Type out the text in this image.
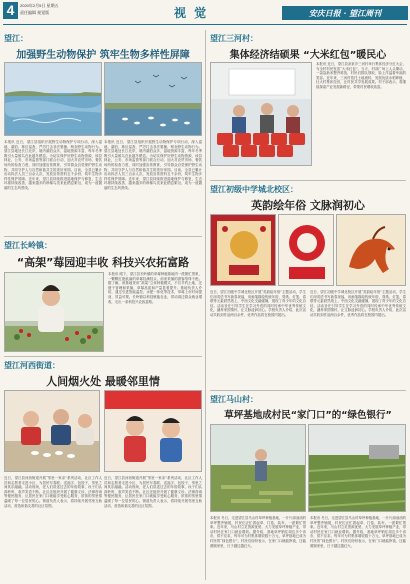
4	2020年2月5日 星期五
责任编辑 视觉版	视 觉	安庆日报 · 望江周刊
望江：
加强野生动物保护 筑牢生物多样性屏障
本报讯 近日，望江县组织开展野生动物保护专项行动，深入湿地、湖泊、林区巡查，严厉打击非法猎捕、贩卖野生动物行为。望江县地处长江北岸，境内湖泊众多，湿地资源丰富，每年冬季吸引大量候鸟在此越冬栖息。为切实保护好野生动物资源，该县林业、公安、市场监管等部门联合行动，加大对农贸市场、餐饮场所的检查力度，同时加强宣传教育，引导群众自觉保护野生动物，共同守护人与自然和谐共生的美好家园。目前，全县已累计出动执法人员三百余人次，发放宣传资料五千余份，筑牢生物多样性保护屏障。近年来，望江县持续推进湿地保护与修复，生态环境持续改善，越来越多的珍稀鸟类来此栖息繁衍，成为一道靓丽的生态风景线。
本报讯 近日，望江县组织开展野生动物保护专项行动，深入湿地、湖泊、林区巡查，严厉打击非法猎捕、贩卖野生动物行为。望江县地处长江北岸，境内湖泊众多，湿地资源丰富，每年冬季吸引大量候鸟在此越冬栖息。为切实保护好野生动物资源，该县林业、公安、市场监管等部门联合行动，加大对农贸市场、餐饮场所的检查力度，同时加强宣传教育，引导群众自觉保护野生动物，共同守护人与自然和谐共生的美好家园。目前，全县已累计出动执法人员三百余人次，发放宣传资料五千余份，筑牢生物多样性保护屏障。近年来，望江县持续推进湿地保护与修复，生态环境持续改善，越来越多的珍稀鸟类来此栖息繁衍，成为一道靓丽的生态风景线。
望江长岭镇：
“高架”莓园迎丰收 科技兴农拓富路
本报讯 眼下，望江县长岭镇的草莓种植基地内一派繁忙景象，一颗颗红艳欲滴的草莓挂满枝头，前来采摘的游客络绎不绝。据了解，该基地采用“高架”立体种植模式，不仅节约土地，还便于管理和采摘，草莓品质和产量显著提升。基地负责人介绍，通过引进智能温控、水肥一体化等技术，草莓上市时间提前，效益可观。长岭镇以科技赋能农业，带动周边群众就业增收，走出一条科技兴农致富路。
望江河西街道：
人间烟火处 最暖邻里情
近日，望江县河西街道开展“邻里一家亲”系列活动，社区工作人员和志愿者走进小区，为居民写春联、送福字、包饺子，邻里之间其乐融融。活动现场，老人们讲述过去的年俗故事，孩子们认真聆听，欢声笑语不断。社区还组织开展了健康义诊、法律咨询等便民服务，让居民在家门口就能享受贴心服务，浓浓的邻里情温暖了每一位居民的心。街道负责人表示，将持续开展邻里互助活动，营造和谐友善的社区氛围。
近日，望江县河西街道开展“邻里一家亲”系列活动，社区工作人员和志愿者走进小区，为居民写春联、送福字、包饺子，邻里之间其乐融融。活动现场，老人们讲述过去的年俗故事，孩子们认真聆听，欢声笑语不断。社区还组织开展了健康义诊、法律咨询等便民服务，让居民在家门口就能享受贴心服务，浓浓的邻里情温暖了每一位居民的心。街道负责人表示，将持续开展邻里互助活动，营造和谐友善的社区氛围。
望江三河村：
集体经济结硕果 “大米红包”暖民心
本报讯 近日，望江县凉泉乡三河村举行集体经济分红大会，为全村村民发放“大米红包”。当天，村部广场上人头攒动，一袋袋新米整齐堆放，村民们排队领取，脸上洋溢着幸福的笑容。近年来，三河村依托土地流转，发展优质水稻种植，壮大村集体经济，让村民共享发展成果。村干部表示，将继续探索产业发展新路径，带领村民增收致富。
望江初级中学城北校区：
英韵绘年俗 文脉润初心
近日，望江初级中学城北校区开展“英韵绘年俗”主题活动，学生们用英语书写新春祝福，用画笔描绘传统年俗，剪纸、灯笼、春联等元素跃然纸上，中西文化交融碰撞，展现了青少年的文化自信。活动旨在引导学生在学习外语的同时传承中华优秀传统文化，涵养家国情怀，让文脉浸润初心。学校负责人介绍，此次活动共收到作品两百余件，优秀作品将在校园内展出。
近日，望江初级中学城北校区开展“英韵绘年俗”主题活动，学生们用英语书写新春祝福，用画笔描绘传统年俗，剪纸、灯笼、春联等元素跃然纸上，中西文化交融碰撞，展现了青少年的文化自信。活动旨在引导学生在学习外语的同时传承中华优秀传统文化，涵养家国情怀，让文脉浸润初心。学校负责人介绍，此次活动共收到作品两百余件，优秀作品将在校园内展出。
望江马山村：
草坪基地成村民“家门口”的“绿色银行”
本报讯 冬日，走进望江县马山村草坪种植基地，一片片绿油油的草坪整齐铺展，村民们正忙着起草、打卷、装车，一派繁忙景象。近年来，马山村立足资源优势，大力发展草坪种植产业，带动村民在家门口就业增收。据介绍，基地草坪销往周边多个省市，供不应求，每年可为村集体增收数十万元，草坪基地已成为村民的“绿色银行”。村民们纷纷表示，在家门口就能挣钱，还能照顾家里，日子越过越红火。
本报讯 冬日，走进望江县马山村草坪种植基地，一片片绿油油的草坪整齐铺展，村民们正忙着起草、打卷、装车，一派繁忙景象。近年来，马山村立足资源优势，大力发展草坪种植产业，带动村民在家门口就业增收。据介绍，基地草坪销往周边多个省市，供不应求，每年可为村集体增收数十万元，草坪基地已成为村民的“绿色银行”。村民们纷纷表示，在家门口就能挣钱，还能照顾家里，日子越过越红火。
